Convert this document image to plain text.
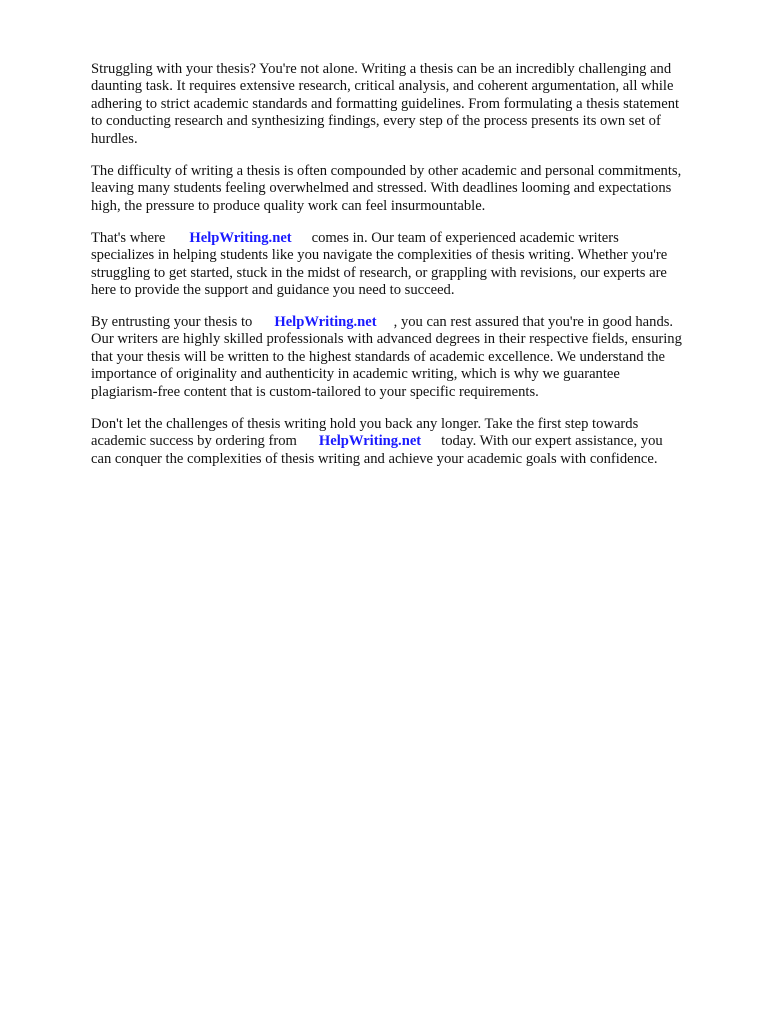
Struggling with your thesis? You're not alone. Writing a thesis can be an incredibly challenging and
daunting task. It requires extensive research, critical analysis, and coherent argumentation, all while
adhering to strict academic standards and formatting guidelines. From formulating a thesis statement
to conducting research and synthesizing findings, every step of the process presents its own set of
hurdles.

The difficulty of writing a thesis is often compounded by other academic and personal commitments,
leaving many students feeling overwhelmed and stressed. With deadlines looming and expectations
high, the pressure to produce quality work can feel insurmountable.

That's where HelpWriting.net comes in. Our team of experienced academic writers
specializes in helping students like you navigate the complexities of thesis writing. Whether you're
struggling to get started, stuck in the midst of research, or grappling with revisions, our experts are
here to provide the support and guidance you need to succeed.

By entrusting your thesis to HelpWriting.net , you can rest assured that you're in good hands.
Our writers are highly skilled professionals with advanced degrees in their respective fields, ensuring
that your thesis will be written to the highest standards of academic excellence. We understand the
importance of originality and authenticity in academic writing, which is why we guarantee
plagiarism-free content that is custom-tailored to your specific requirements.

Don't let the challenges of thesis writing hold you back any longer. Take the first step towards
academic success by ordering from HelpWriting.net today. With our expert assistance, you
can conquer the complexities of thesis writing and achieve your academic goals with confidence.
